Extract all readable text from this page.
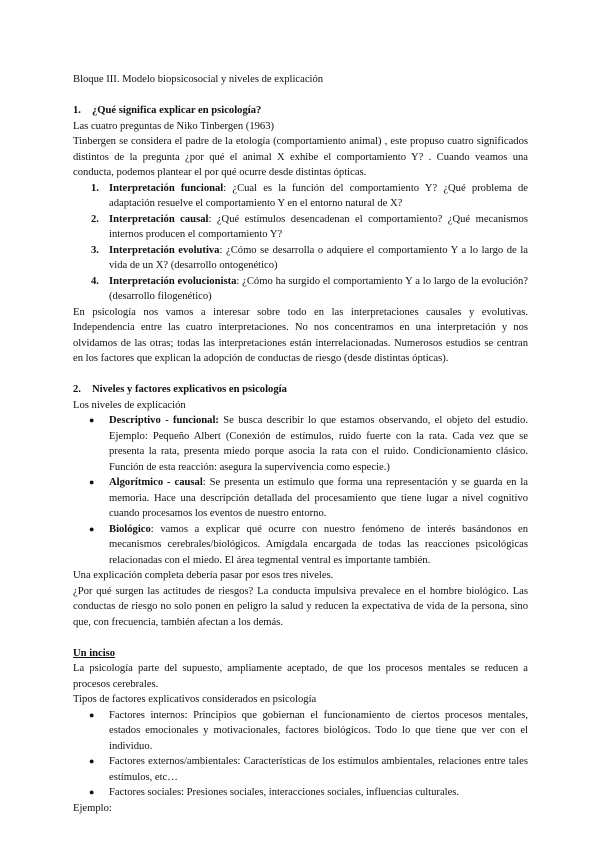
Bloque III. Modelo biopsicosocial y niveles de explicación

1. ¿Qué significa explicar en psicología?

Las cuatro preguntas de Niko Tinbergen (1963)

Tinbergen se considera el padre de la etología (comportamiento animal) , este propuso cuatro significados distintos de la pregunta ¿por qué el animal X exhibe el comportamiento Y? . Cuando veamos una conducta, podemos plantear el por qué ocurre desde distintas ópticas.

1. Interpretación funcional: ¿Cual es la función del comportamiento Y? ¿Qué problema de adaptación resuelve el comportamiento Y en el entorno natural de X?
2. Interpretación causal: ¿Qué estímulos desencadenan el comportamiento? ¿Qué mecanismos internos producen el comportamiento Y?
3. Interpretación evolutiva: ¿Cómo se desarrolla o adquiere el comportamiento Y a lo largo de la vida de un X? (desarrollo ontogenético)
4. Interpretación evolucionista: ¿Cómo ha surgido el comportamiento Y a lo largo de la evolución? (desarrollo filogenético)

En psicología nos vamos a interesar sobre todo en las interpretaciones causales y evolutivas. Independencia entre las cuatro interpretaciones. No nos concentramos en una interpretación y nos olvidamos de las otras; todas las interpretaciones están interrelacionadas. Numerosos estudios se centran en los factores que explican la adopción de conductas de riesgo (desde distintas ópticas).

2. Niveles y factores explicativos en psicología

Los niveles de explicación

● Descriptivo - funcional: Se busca describir lo que estamos observando, el objeto del estudio. Ejemplo: Pequeño Albert (Conexión de estímulos, ruido fuerte con la rata. Cada vez que se presenta la rata, presenta miedo porque asocia la rata con el ruido. Condicionamiento clásico. Función de esta reacción: asegura la supervivencia como especie.)
● Algorítmico - causal: Se presenta un estímulo que forma una representación y se guarda en la memoria. Hace una descripción detallada del procesamiento que tiene lugar a nivel cognitivo cuando procesamos los eventos de nuestro entorno.
● Biológico: vamos a explicar qué ocurre con nuestro fenómeno de interés basándonos en mecanismos cerebrales/biológicos. Amígdala encargada de todas las reacciones psicológicas relacionadas con el miedo. El área tegmental ventral es importante también.

Una explicación completa debería pasar por esos tres niveles.

¿Por qué surgen las actitudes de riesgos? La conducta impulsiva prevalece en el hombre biológico. Las conductas de riesgo no solo ponen en peligro la salud y reducen la expectativa de vida de la persona, sino que, con frecuencia, también afectan a los demás.

Un inciso

La psicología parte del supuesto, ampliamente aceptado, de que los procesos mentales se reducen a procesos cerebrales.

Tipos de factores explicativos considerados en psicología

● Factores internos: Principios que gobiernan el funcionamiento de ciertos procesos mentales, estados emocionales y motivacionales, factores biológicos. Todo lo que tiene que ver con el individuo.
● Factores externos/ambientales: Características de los estímulos ambientales, relaciones entre tales estímulos, etc…
● Factores sociales: Presiones sociales, interacciones sociales, influencias culturales.

Ejemplo:
